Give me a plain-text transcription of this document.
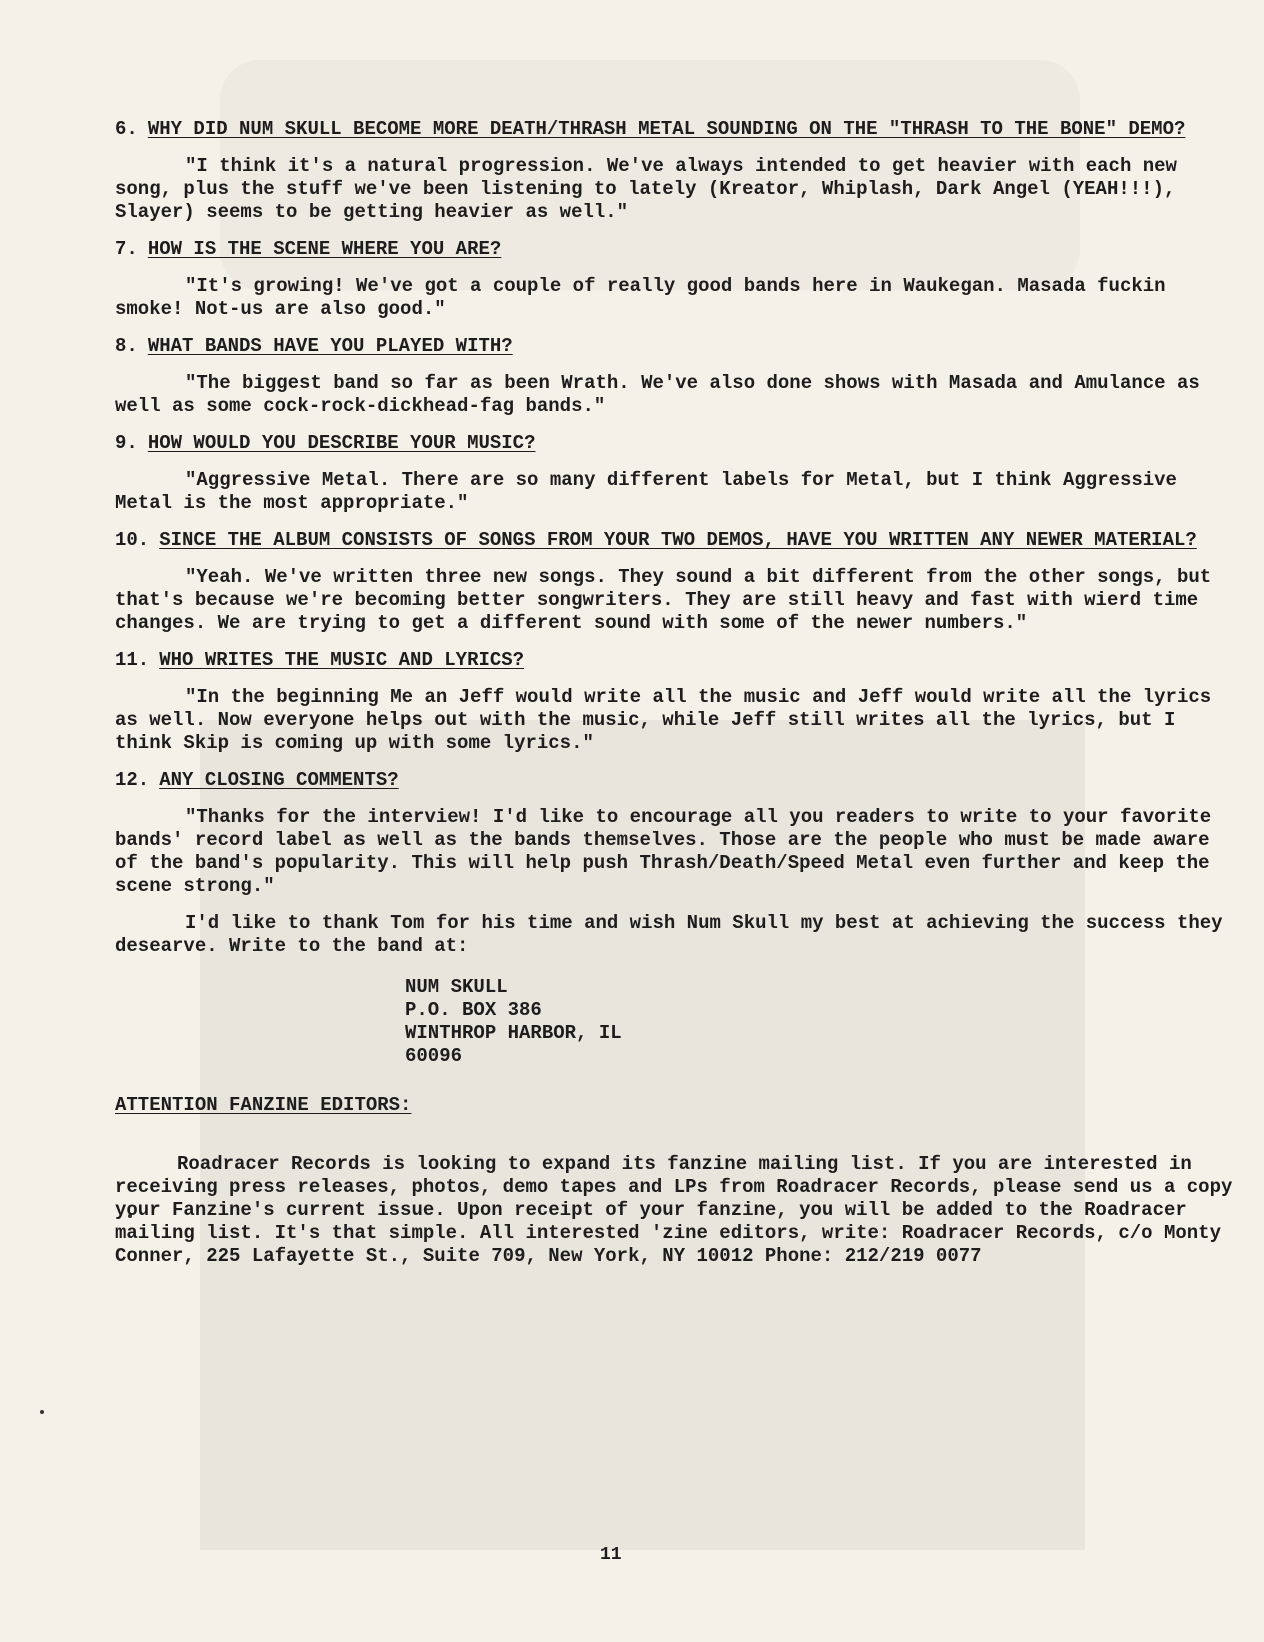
6. WHY DID NUM SKULL BECOME MORE DEATH/THRASH METAL SOUNDING ON THE "THRASH TO THE BONE" DEMO?

"I think it's a natural progression. We've always intended to get heavier with each new song, plus the stuff we've been listening to lately (Kreator, Whiplash, Dark Angel (YEAH!!!), Slayer) seems to be getting heavier as well."

7. HOW IS THE SCENE WHERE YOU ARE?

"It's growing! We've got a couple of really good bands here in Waukegan. Masada fuckin smoke! Not-us are also good."

8. WHAT BANDS HAVE YOU PLAYED WITH?

"The biggest band so far as been Wrath. We've also done shows with Masada and Amulance as well as some cock-rock-dickhead-fag bands."

9. HOW WOULD YOU DESCRIBE YOUR MUSIC?

"Aggressive Metal. There are so many different labels for Metal, but I think Aggressive Metal is the most appropriate."

10. SINCE THE ALBUM CONSISTS OF SONGS FROM YOUR TWO DEMOS, HAVE YOU WRITTEN ANY NEWER MATERIAL?

"Yeah. We've written three new songs. They sound a bit different from the other songs, but that's because we're becoming better songwriters. They are still heavy and fast with wierd time changes. We are trying to get a different sound with some of the newer numbers."

11. WHO WRITES THE MUSIC AND LYRICS?

"In the beginning Me an Jeff would write all the music and Jeff would write all the lyrics as well. Now everyone helps out with the music, while Jeff still writes all the lyrics, but I think Skip is coming up with some lyrics."

12. ANY CLOSING COMMENTS?

"Thanks for the interview! I'd like to encourage all you readers to write to your favorite bands' record label as well as the bands themselves. Those are the people who must be made aware of the band's popularity. This will help push Thrash/Death/Speed Metal even further and keep the scene strong."

I'd like to thank Tom for his time and wish Num Skull my best at achieving the success they desearve. Write to the band at:

NUM SKULL
P.O. BOX 386
WINTHROP HARBOR, IL
60096

ATTENTION FANZINE EDITORS:

Roadracer Records is looking to expand its fanzine mailing list. If you are interested in receiving press releases, photos, demo tapes and LPs from Roadracer Records, please send us a copy your Fanzine's current issue. Upon receipt of your fanzine, you will be added to the Roadracer mailing list. It's that simple. All interested 'zine editors, write: Roadracer Records, c/o Monty Conner, 225 Lafayette St., Suite 709, New York, NY 10012 Phone: 212/219 0077

11
